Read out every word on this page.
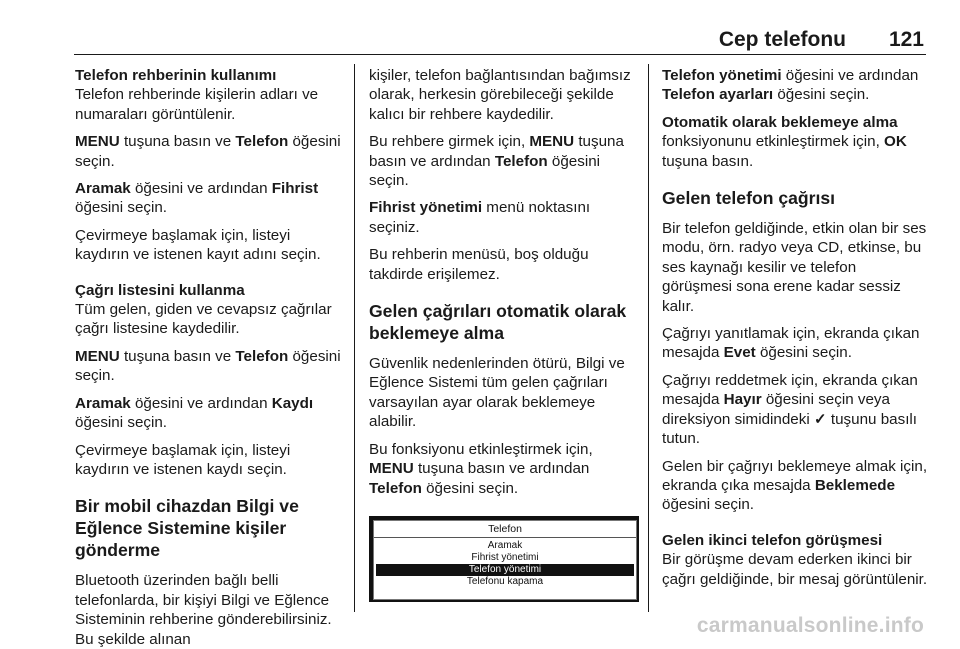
Cep telefonu 121

Telefon rehberinin kullanımı

Telefon rehberinde kişilerin adları ve numaraları görüntülenir.

MENU tuşuna basın ve Telefon öğesini seçin.

Aramak öğesini ve ardından Fihrist öğesini seçin.

Çevirmeye başlamak için, listeyi kaydırın ve istenen kayıt adını seçin.

Çağrı listesini kullanma

Tüm gelen, giden ve cevapsız çağrılar çağrı listesine kaydedilir.

MENU tuşuna basın ve Telefon öğesini seçin.

Aramak öğesini ve ardından Kaydı öğesini seçin.

Çevirmeye başlamak için, listeyi kaydırın ve istenen kaydı seçin.

Bir mobil cihazdan Bilgi ve Eğlence Sistemine kişiler gönderme

Bluetooth üzerinden bağlı belli telefonlarda, bir kişiyi Bilgi ve Eğlence Sisteminin rehberine gönderebilirsiniz. Bu şekilde alınan

kişiler, telefon bağlantısından bağımsız olarak, herkesin görebileceği şekilde kalıcı bir rehbere kaydedilir.

Bu rehbere girmek için, MENU tuşuna basın ve ardından Telefon öğesini seçin.

Fihrist yönetimi menü noktasını seçiniz.

Bu rehberin menüsü, boş olduğu takdirde erişilemez.

Gelen çağrıları otomatik olarak beklemeye alma

Güvenlik nedenlerinden ötürü, Bilgi ve Eğlence Sistemi tüm gelen çağrıları varsayılan ayar olarak beklemeye alabilir.

Bu fonksiyonu etkinleştirmek için, MENU tuşuna basın ve ardından Telefon öğesini seçin.

Telefon
Aramak
Fihrist yönetimi
Telefon yönetimi
Telefonu kapama

Telefon yönetimi öğesini ve ardından Telefon ayarları öğesini seçin.

Otomatik olarak beklemeye alma fonksiyonunu etkinleştirmek için, OK tuşuna basın.

Gelen telefon çağrısı

Bir telefon geldiğinde, etkin olan bir ses modu, örn. radyo veya CD, etkinse, bu ses kaynağı kesilir ve telefon görüşmesi sona erene kadar sessiz kalır.

Çağrıyı yanıtlamak için, ekranda çıkan mesajda Evet öğesini seçin.

Çağrıyı reddetmek için, ekranda çıkan mesajda Hayır öğesini seçin veya direksiyon simidindeki ✓ tuşunu basılı tutun.

Gelen bir çağrıyı beklemeye almak için, ekranda çıka mesajda Beklemede öğesini seçin.

Gelen ikinci telefon görüşmesi

Bir görüşme devam ederken ikinci bir çağrı geldiğinde, bir mesaj görüntülenir.

carmanualsonline.info
